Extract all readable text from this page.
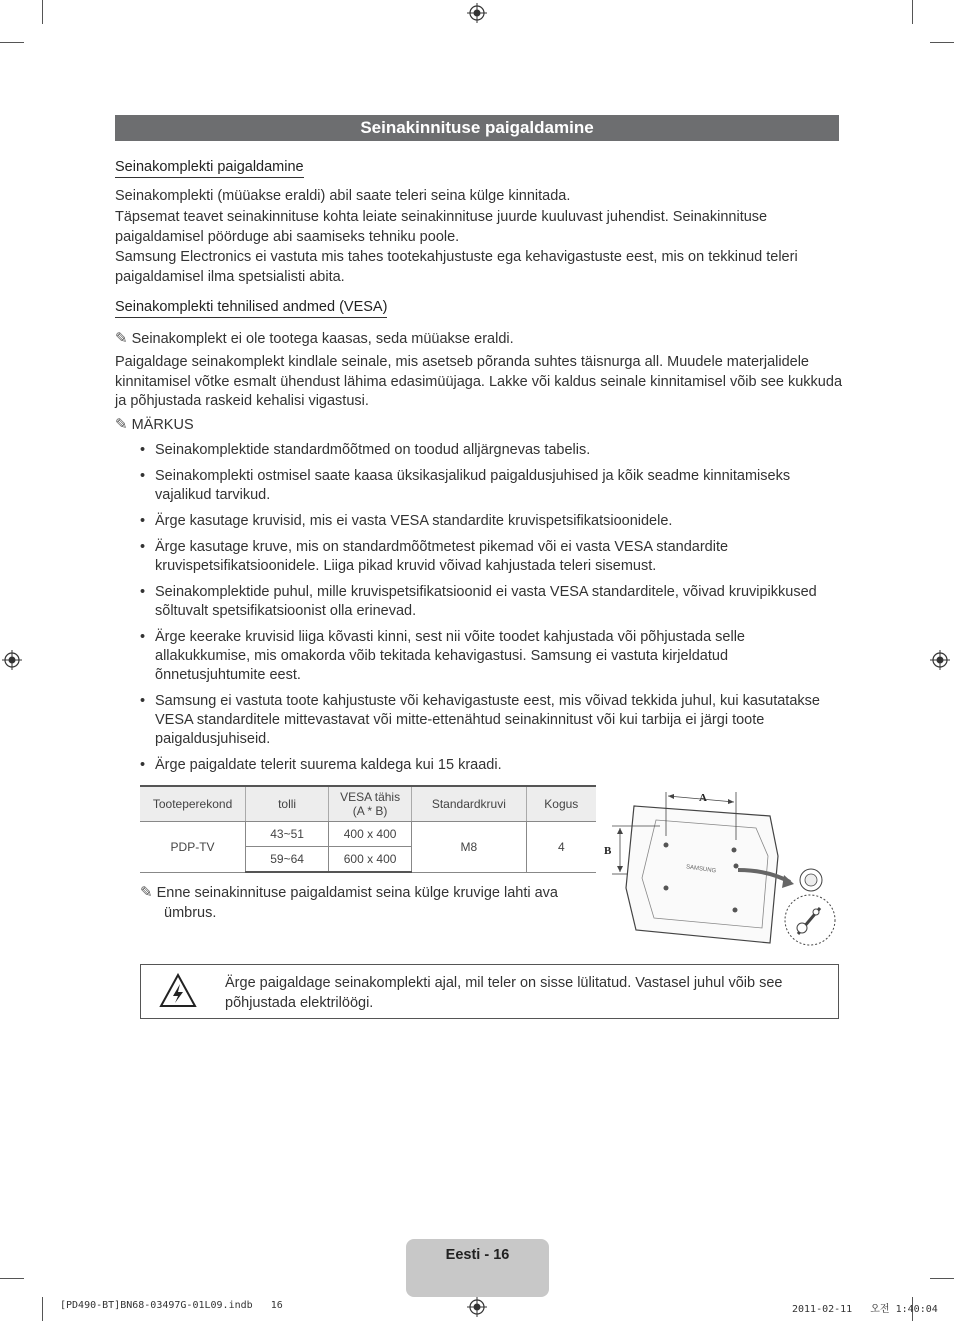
Seinakinnituse paigaldamine
Seinakomplekti paigaldamine
Seinakomplekti (müüakse eraldi) abil saate teleri seina külge kinnitada.
Täpsemat teavet seinakinnituse kohta leiate seinakinnituse juurde kuuluvast juhendist. Seinakinnituse
paigaldamisel pöörduge abi saamiseks tehniku poole.
Samsung Electronics ei vastuta mis tahes tootekahjustuste ega kehavigastuste eest, mis on tekkinud teleri
paigaldamisel ilma spetsialisti abita.
Seinakomplekti tehnilised andmed (VESA)
✎ Seinakomplekt ei ole tootega kaasas, seda müüakse eraldi.
Paigaldage seinakomplekt kindlale seinale, mis asetseb põranda suhtes täisnurga all. Muudele materjalidele
kinnitamisel võtke esmalt ühendust lähima edasimüüjaga. Lakke või kaldus seinale kinnitamisel võib see kukkuda
ja põhjustada raskeid kehalisi vigastusi.
✎ MÄRKUS
• Seinakomplektide standardmõõtmed on toodud alljärgnevas tabelis.
• Seinakomplekti ostmisel saate kaasa üksikasjalikud paigaldusjuhised ja kõik seadme kinnitamiseks vajalikud tarvikud.
• Ärge kasutage kruvisid, mis ei vasta VESA standardite kruvispetsifikatsioonidele.
• Ärge kasutage kruve, mis on standardmõõtmetest pikemad või ei vasta VESA standardite kruvispetsifikatsioonidele. Liiga pikad kruvid võivad kahjustada teleri sisemust.
• Seinakomplektide puhul, mille kruvispetsifikatsioonid ei vasta VESA standarditele, võivad kruvipikkused sõltuvalt spetsifikatsioonist olla erinevad.
• Ärge keerake kruvisid liiga kõvasti kinni, sest nii võite toodet kahjustada või põhjustada selle allakukkumise, mis omakorda võib tekitada kehavigastusi. Samsung ei vastuta kirjeldatud õnnetusjuhtumite eest.
• Samsung ei vastuta toote kahjustuste või kehavigastuste eest, mis võivad tekkida juhul, kui kasutatakse VESA standarditele mittevastavat või mitte-ettenähtud seinakinnitust või kui tarbija ei järgi toote paigaldusjuhiseid.
• Ärge paigaldate telerit suurema kaldega kui 15 kraadi.
Tooteperekond	tolli	VESA tähis (A * B)	Standardkruvi	Kogus
PDP-TV	43~51	400 x 400	M8	4
	59~64	600 x 400		
✎ Enne seinakinnituse paigaldamist seina külge kruvige lahti ava
ümbrus.
SAMSUNG
A
B
Ärge paigaldage seinakomplekti ajal, mil teler on sisse lülitatud. Vastasel juhul võib see
põhjustada elektrilöögi.
Eesti - 16
[PD490-BT]BN68-03497G-01L09.indb   16	2011-02-11   오전 1:40:04
